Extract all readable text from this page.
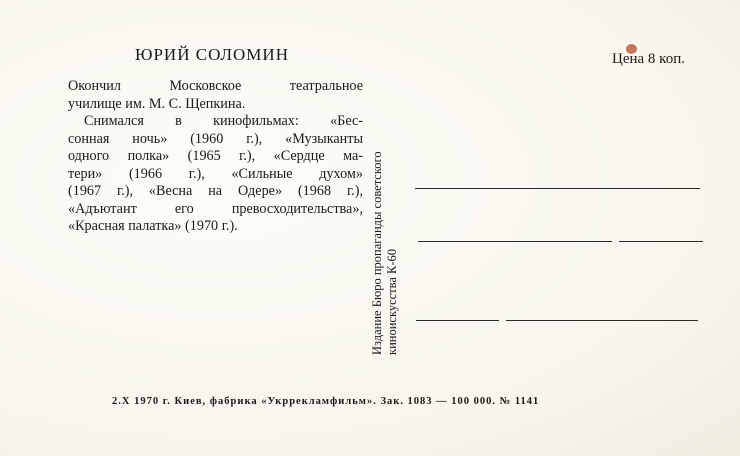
ЮРИЙ СОЛОМИН	Цена 8 коп.

Окончил Московское театральное

училище им. М. С. Щепкина.

Снимался в кинофильмах: «Бес-

сонная ночь» (1960 г.), «Музыканты

одного полка» (1965 г.), «Сердце ма-

тери» (1966 г.), «Сильные духом»

(1967 г.), «Весна на Одере» (1968 г.),

«Адъютант его превосходительства»,

«Красная палатка» (1970 г.).	Издание Бюро пропаганды советского киноискусства К-60
2.Х 1970 г. Киев, фабрика «Укррекламфильм». Зак. 1083 — 100 000. № 1141
